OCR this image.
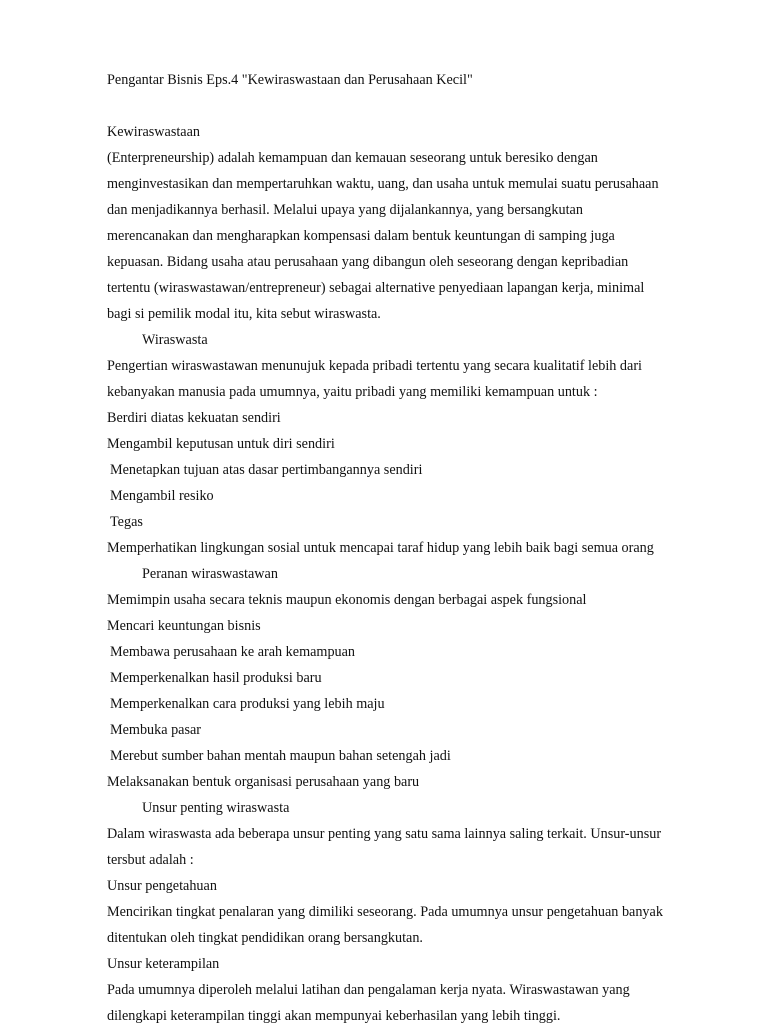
Pengantar Bisnis Eps.4 "Kewiraswastaan dan Perusahaan Kecil"
Kewiraswastaan
(Enterpreneurship) adalah kemampuan dan kemauan seseorang untuk beresiko dengan
menginvestasikan dan mempertaruhkan waktu, uang, dan usaha untuk memulai suatu perusahaan
dan menjadikannya berhasil. Melalui upaya yang dijalankannya, yang bersangkutan
merencanakan dan mengharapkan kompensasi dalam bentuk keuntungan di samping juga
kepuasan. Bidang usaha atau perusahaan yang dibangun oleh seseorang dengan kepribadian
tertentu (wiraswastawan/entrepreneur) sebagai alternative penyediaan lapangan kerja, minimal
bagi si pemilik modal itu, kita sebut wiraswasta.
Wiraswasta
Pengertian wiraswastawan menunujuk kepada pribadi tertentu yang secara kualitatif lebih dari
kebanyakan manusia pada umumnya, yaitu pribadi yang memiliki kemampuan untuk :
Berdiri diatas kekuatan sendiri
Mengambil keputusan untuk diri sendiri
Menetapkan tujuan atas dasar pertimbangannya sendiri
Mengambil resiko
Tegas
Memperhatikan lingkungan sosial untuk mencapai taraf hidup yang lebih baik bagi semua orang
Peranan wiraswastawan
Memimpin usaha secara teknis maupun ekonomis dengan berbagai aspek fungsional
Mencari keuntungan bisnis
Membawa perusahaan ke arah kemampuan
Memperkenalkan hasil produksi baru
Memperkenalkan cara produksi yang lebih maju
Membuka pasar
Merebut sumber bahan mentah maupun bahan setengah jadi
Melaksanakan bentuk organisasi perusahaan yang baru
Unsur penting wiraswasta
Dalam wiraswasta ada beberapa unsur penting yang satu sama lainnya saling terkait. Unsur-unsur
tersbut adalah :
Unsur pengetahuan
Mencirikan tingkat penalaran yang dimiliki seseorang. Pada umumnya unsur pengetahuan banyak
ditentukan oleh tingkat pendidikan orang bersangkutan.
Unsur keterampilan
Pada umumnya diperoleh melalui latihan dan pengalaman kerja nyata. Wiraswastawan yang
dilengkapi keterampilan tinggi akan mempunyai keberhasilan yang lebih tinggi.
